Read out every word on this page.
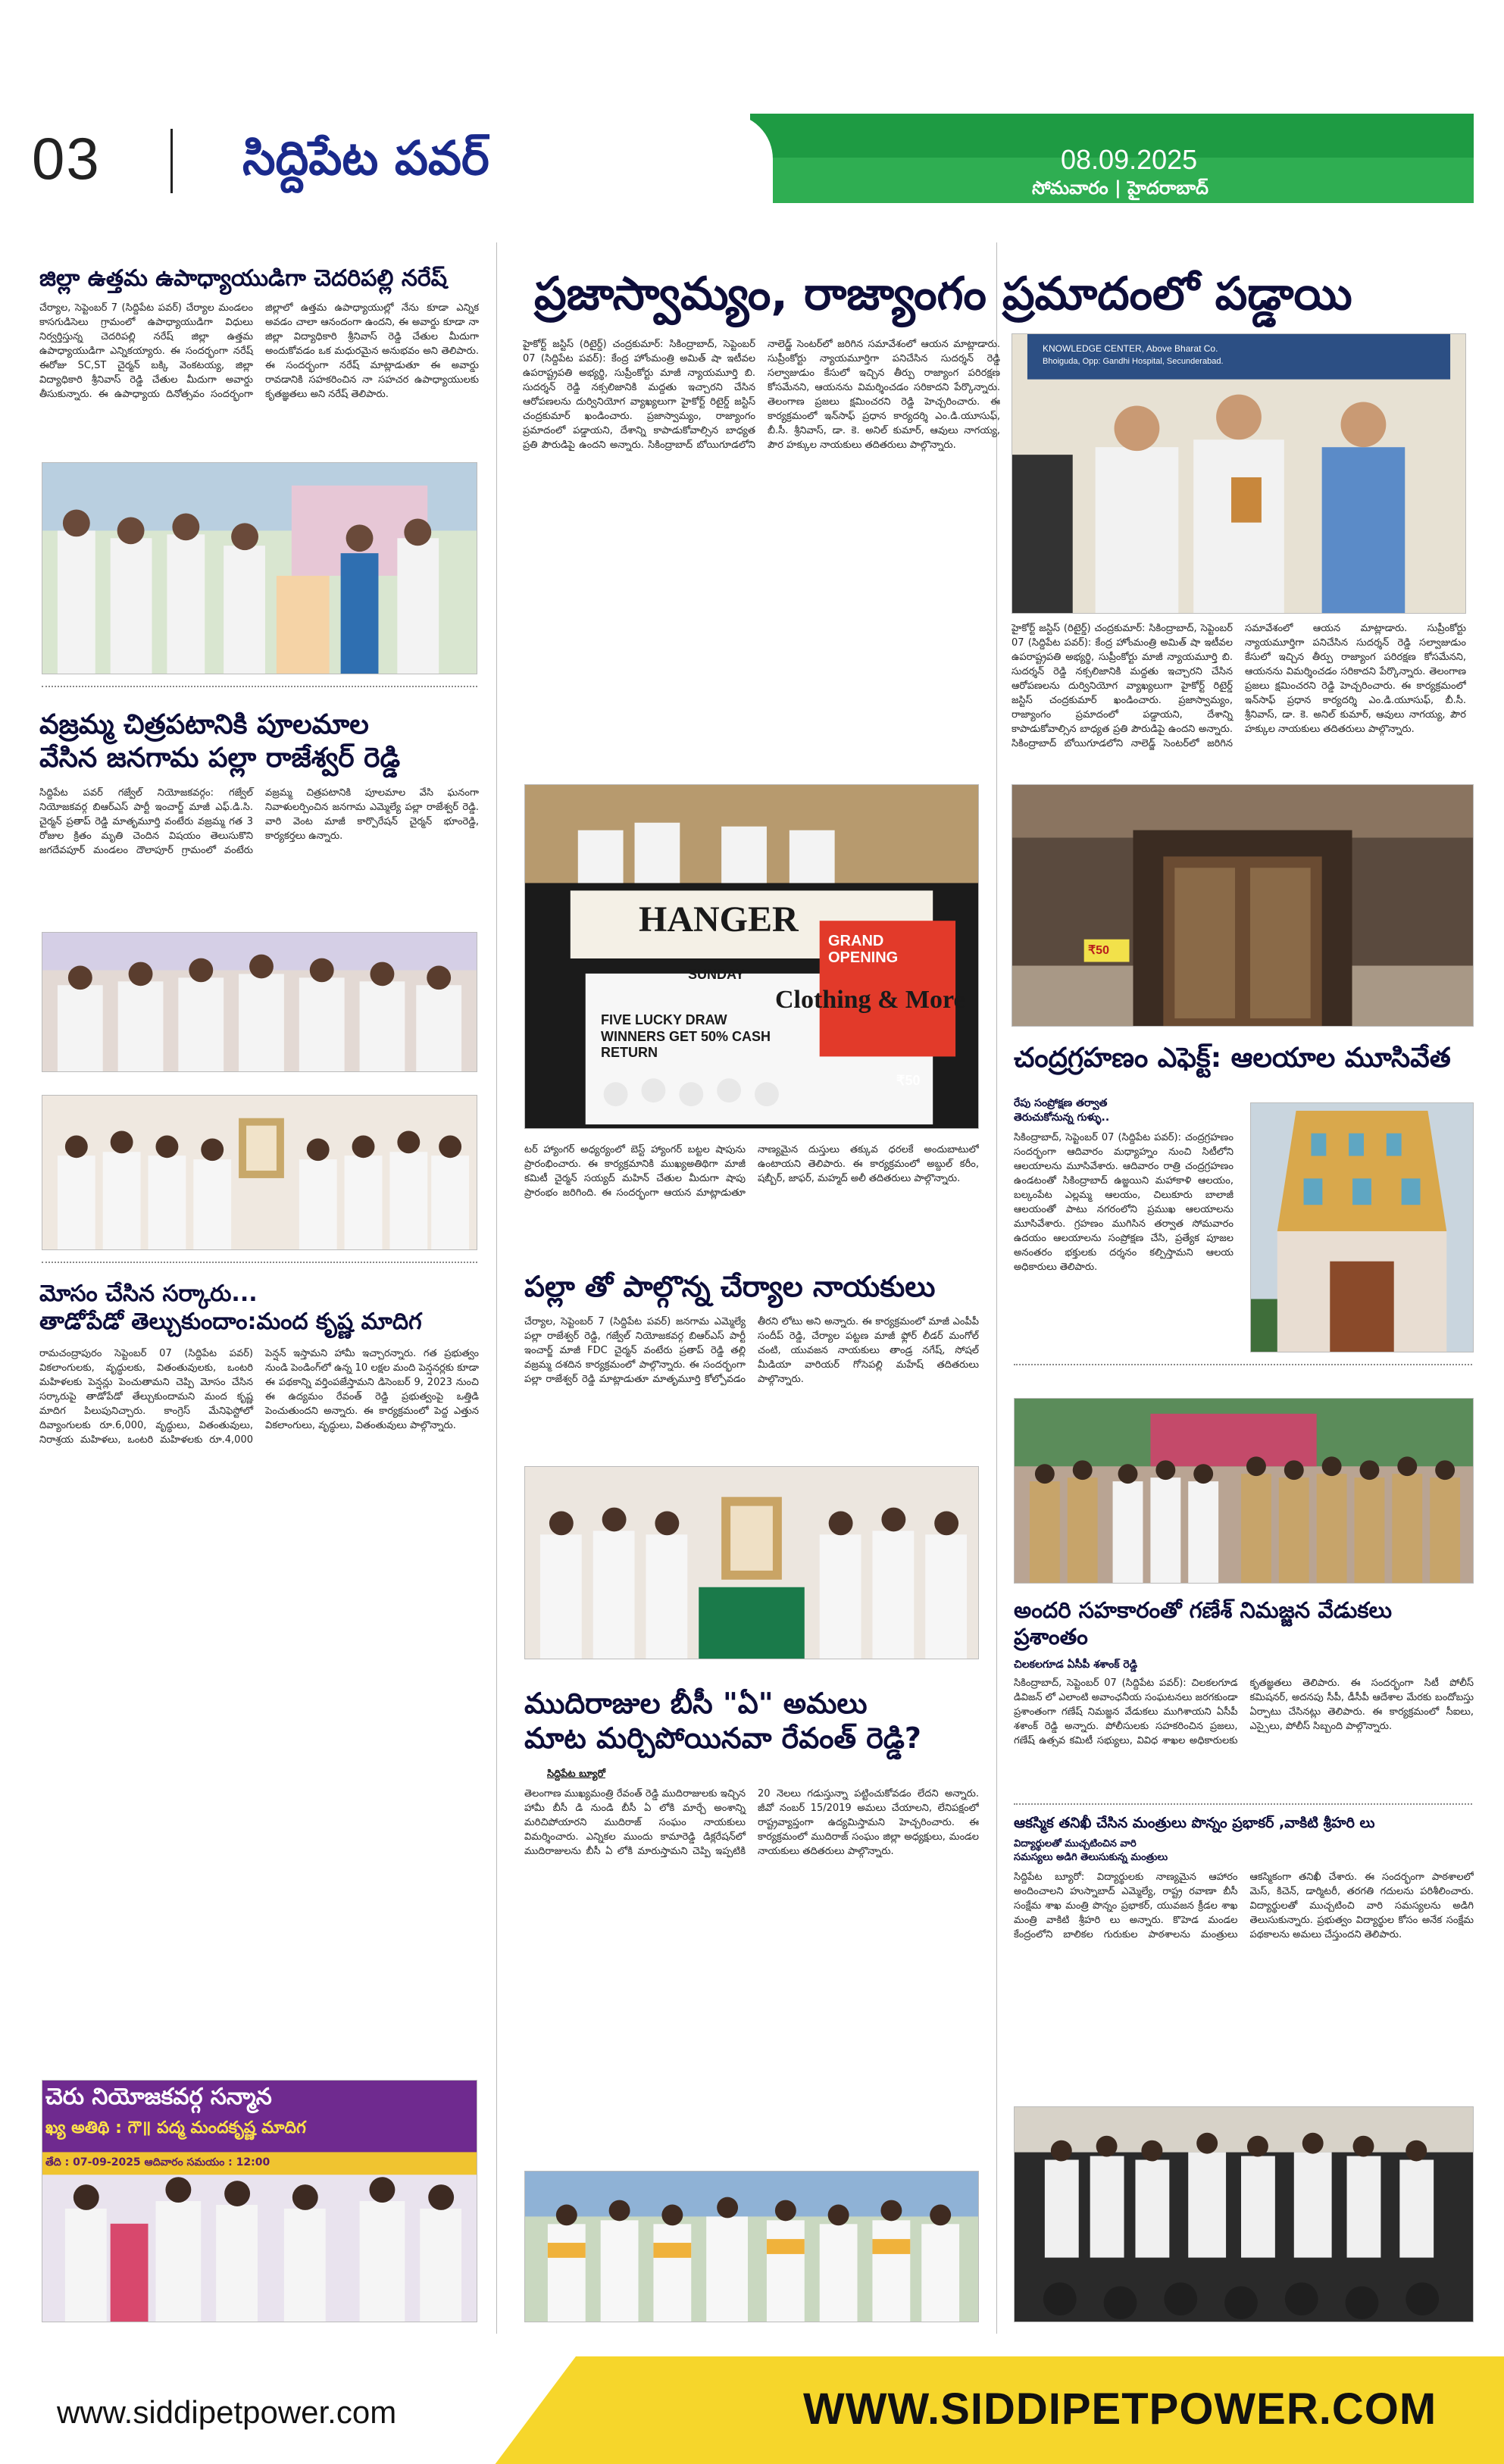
03	సిద్దిపేట పవర్	08.09.2025
సోమవారం | హైదరాబాద్
జిల్లా ఉత్తమ ఉపాధ్యాయుడిగా చెదరిపల్లి నరేష్
చేర్యాల, సెప్టెంబర్ 7 (సిద్దిపేట పవర్) చేర్యాల మండలం కాసగుడిసెలు గ్రామంలో ఉపాధ్యాయుడిగా విధులు నిర్వర్తిస్తున్న చెదరిపల్లి నరేష్ జిల్లా ఉత్తమ ఉపాధ్యాయుడిగా ఎన్నికయ్యారు. ఈ సందర్భంగా నరేష్ ఈరోజు SC,ST చైర్మన్ బక్కి వెంకటయ్య, జిల్లా విద్యాధికారి శ్రీనివాస్ రెడ్డి చేతుల మీదుగా అవార్డు తీసుకున్నారు. ఈ ఉపాధ్యాయ దినోత్సవం సందర్భంగా జిల్లాలో ఉత్తమ ఉపాధ్యాయుల్లో నేను కూడా ఎన్నిక అవడం చాలా ఆనందంగా ఉందని, ఈ అవార్డు కూడా నా జిల్లా విద్యాధికారి శ్రీనివాస్ రెడ్డి చేతుల మీదుగా అందుకోవడం ఒక మధురమైన అనుభవం అని తెలిపారు. ఈ సందర్భంగా నరేష్ మాట్లాడుతూ ఈ అవార్డు రావడానికి సహకరించిన నా సహచర ఉపాధ్యాయులకు కృతజ్ఞతలు అని నరేష్ తెలిపారు.
వజ్రమ్మ చిత్రపటానికి పూలమాల
వేసిన జనగామ పల్లా రాజేశ్వర్ రెడ్డి
సిద్దిపేట పవర్ గజ్వేల్ నియోజకవర్గం: గజ్వేల్ నియోజకవర్గ బిఆర్ఎస్ పార్టీ ఇంచార్జ్ మాజీ ఎఫ్.డి.సి. చైర్మన్ ప్రతాప్ రెడ్డి మాతృమూర్తి వంటేరు వజ్రమ్మ గత 3 రోజుల క్రితం మృతి చెందిన విషయం తెలుసుకొని జగదేవపూర్ మండలం దౌలాపూర్ గ్రామంలో వంటేరు వజ్రమ్మ చిత్రపటానికి పూలమాల వేసి ఘనంగా నివాళులర్పించిన జనగామ ఎమ్మెల్యే పల్లా రాజేశ్వర్ రెడ్డి. వారి వెంట మాజీ కార్పొరేషన్ చైర్మన్ భూంరెడ్డి, కార్యకర్తలు ఉన్నారు.
మోసం చేసిన సర్కారు...
తాడోపేడో తెల్చుకుందాం:మంద కృష్ణ మాదిగ
రామచంద్రాపురం సెప్టెంబర్ 07 (సిద్దిపేట పవర్) వికలాంగులకు, వృద్ధులకు, వితంతువులకు, ఒంటరి మహిళలకు పెన్షన్లు పెంచుతామని చెప్పి మోసం చేసిన సర్కారుపై తాడోపేడో తేల్చుకుందామని మంద కృష్ణ మాదిగ పిలుపునిచ్చారు. కాంగ్రెస్ మేనిఫెస్టోలో దివ్యాంగులకు రూ.6,000, వృద్ధులు, వితంతువులు, నిరాశ్రయ మహిళలు, ఒంటరి మహిళలకు రూ.4,000 పెన్షన్ ఇస్తామని హామీ ఇచ్చారన్నారు. గత ప్రభుత్వం నుండి పెండింగ్‌లో ఉన్న 10 లక్షల మంది పెన్షనర్లకు కూడా ఈ పథకాన్ని వర్తింపజేస్తామని డిసెంబర్ 9, 2023 నుంచి ఈ ఉద్యమం రేవంత్ రెడ్డి ప్రభుత్వంపై ఒత్తిడి పెంచుతుందని అన్నారు. ఈ కార్యక్రమంలో పెద్ద ఎత్తున వికలాంగులు, వృద్ధులు, వితంతువులు పాల్గొన్నారు.
చెరు నియోజకవర్గ సన్మాన
ఖ్య అతిథి : గౌ॥ పద్మ మందకృష్ణ మాదిగ
తేది : 07-09-2025 ఆదివారం సమయం : 12:00
ప్రజాస్వామ్యం, రాజ్యాంగం ప్రమాదంలో పడ్డాయి
హైకోర్ట్ జస్టిస్ (రిటైర్డ్) చంద్రకుమార్: సికింద్రాబాద్, సెప్టెంబర్ 07 (సిద్దిపేట పవర్): కేంద్ర హోంమంత్రి అమిత్ షా ఇటీవల ఉపరాష్ట్రపతి అభ్యర్థి, సుప్రీంకోర్టు మాజీ న్యాయమూర్తి బి. సుదర్శన్ రెడ్డి నక్సలిజానికి మద్దతు ఇచ్చారని చేసిన ఆరోపణలను దుర్వినియోగ వ్యాఖ్యలుగా హైకోర్ట్ రిటైర్డ్ జస్టిస్ చంద్రకుమార్ ఖండించారు. ప్రజాస్వామ్యం, రాజ్యాంగం ప్రమాదంలో పడ్డాయని, దేశాన్ని కాపాడుకోవాల్సిన బాధ్యత ప్రతి పౌరుడిపై ఉందని అన్నారు. సికింద్రాబాద్ బోయిగూడలోని నాలెడ్జ్ సెంటర్‌లో జరిగిన సమావేశంలో ఆయన మాట్లాడారు. సుప్రీంకోర్టు న్యాయమూర్తిగా పనిచేసిన సుదర్శన్ రెడ్డి సల్వాజుడుం కేసులో ఇచ్చిన తీర్పు రాజ్యాంగ పరిరక్షణ కోసమేనని, ఆయనను విమర్శించడం సరికాదని పేర్కొన్నారు. తెలంగాణ ప్రజలు క్షమించరని రెడ్డి హెచ్చరించారు. ఈ కార్యక్రమంలో ఇన్‌సాఫ్ ప్రధాన కార్యదర్శి ఎం.డి.యూసుఫ్, బీ.సీ. శ్రీనివాస్, డా. కె. అనిల్ కుమార్, ఆవులు నాగయ్య, పౌర హక్కుల నాయకులు తదితరులు పాల్గొన్నారు.
KNOWLEDGE CENTER, Above Bharat Co.
Bhoiguda, Opp: Gandhi Hospital, Secunderabad.
హైకోర్ట్ జస్టిస్ (రిటైర్డ్) చంద్రకుమార్: సికింద్రాబాద్, సెప్టెంబర్ 07 (సిద్దిపేట పవర్): కేంద్ర హోంమంత్రి అమిత్ షా ఇటీవల ఉపరాష్ట్రపతి అభ్యర్థి, సుప్రీంకోర్టు మాజీ న్యాయమూర్తి బి. సుదర్శన్ రెడ్డి నక్సలిజానికి మద్దతు ఇచ్చారని చేసిన ఆరోపణలను దుర్వినియోగ వ్యాఖ్యలుగా హైకోర్ట్ రిటైర్డ్ జస్టిస్ చంద్రకుమార్ ఖండించారు. ప్రజాస్వామ్యం, రాజ్యాంగం ప్రమాదంలో పడ్డాయని, దేశాన్ని కాపాడుకోవాల్సిన బాధ్యత ప్రతి పౌరుడిపై ఉందని అన్నారు. సికింద్రాబాద్ బోయిగూడలోని నాలెడ్జ్ సెంటర్‌లో జరిగిన సమావేశంలో ఆయన మాట్లాడారు. సుప్రీంకోర్టు న్యాయమూర్తిగా పనిచేసిన సుదర్శన్ రెడ్డి సల్వాజుడుం కేసులో ఇచ్చిన తీర్పు రాజ్యాంగ పరిరక్షణ కోసమేనని, ఆయనను విమర్శించడం సరికాదని పేర్కొన్నారు. తెలంగాణ ప్రజలు క్షమించరని రెడ్డి హెచ్చరించారు. ఈ కార్యక్రమంలో ఇన్‌సాఫ్ ప్రధాన కార్యదర్శి ఎం.డి.యూసుఫ్, బీ.సీ. శ్రీనివాస్, డా. కె. అనిల్ కుమార్, ఆవులు నాగయ్య, పౌర హక్కుల నాయకులు తదితరులు పాల్గొన్నారు.
HANGER
Clothing & More
GRAND OPENING
SUNDAY
FIVE LUCKY DRAW WINNERS GET 50% CASH RETURN
₹50
టర్ హ్యాంగర్ అధ్యర్యంలో బెస్ట్ హ్యాంగర్ బట్టల షాపును ప్రారంభించారు. ఈ కార్యక్రమానికి ముఖ్యఅతిథిగా మాజీ కమిటీ చైర్మన్ సయ్యద్ మహిన్ చేతుల మీదుగా షాపు ప్రారంభం జరిగింది. ఈ సందర్భంగా ఆయన మాట్లాడుతూ నాణ్యమైన దుస్తులు తక్కువ ధరలకే అందుబాటులో ఉంటాయని తెలిపారు. ఈ కార్యక్రమంలో అబ్దుల్ కరీం, షబ్బీర్, జాఫర్, మహ్మద్ అలీ తదితరులు పాల్గొన్నారు.
పల్లా తో పాల్గొన్న చేర్యాల నాయకులు
చేర్యాల, సెప్టెంబర్ 7 (సిద్దిపేట పవర్) జనగామ ఎమ్మెల్యే పల్లా రాజేశ్వర్ రెడ్డి, గజ్వేల్ నియోజకవర్గ బిఆర్ఎస్ పార్టీ ఇంచార్జ్ మాజీ FDC చైర్మన్ వంటేరు ప్రతాప్ రెడ్డి తల్లి వజ్రమ్మ దశదిన కార్యక్రమంలో పాల్గొన్నారు. ఈ సందర్భంగా పల్లా రాజేశ్వర్ రెడ్డి మాట్లాడుతూ మాతృమూర్తి కోల్పోవడం తీరని లోటు అని అన్నారు. ఈ కార్యక్రమంలో మాజీ ఎంపీపీ సందీప్ రెడ్డి, చేర్యాల పట్టణ మాజీ ఫ్లోర్ లీడర్ మంగోల్ చంటి, యువజన నాయకులు తాండ్ర నగేష్, సోషల్ మీడియా వారియర్ గోసెపల్లి మహేష్ తదితరులు పాల్గొన్నారు.
ముదిరాజుల బీసీ "ఏ" అమలు
మాట మర్చిపోయినవా రేవంత్ రెడ్డి?
సిద్దిపేట బ్యూరో
తెలంగాణ ముఖ్యమంత్రి రేవంత్ రెడ్డి ముదిరాజులకు ఇచ్చిన హామీ బీసీ డి నుండి బీసీ ఏ లోకి మార్చే అంశాన్ని మరిచిపోయారని ముదిరాజ్ సంఘం నాయకులు విమర్శించారు. ఎన్నికల ముందు కామారెడ్డి డిక్లరేషన్‌లో ముదిరాజులను బీసీ ఏ లోకి మారుస్తామని చెప్పి ఇప్పటికి 20 నెలలు గడుస్తున్నా పట్టించుకోవడం లేదని అన్నారు. జీవో నంబర్ 15/2019 అమలు చేయాలని, లేనిపక్షంలో రాష్ట్రవ్యాప్తంగా ఉద్యమిస్తామని హెచ్చరించారు. ఈ కార్యక్రమంలో ముదిరాజ్ సంఘం జిల్లా అధ్యక్షులు, మండల నాయకులు తదితరులు పాల్గొన్నారు.
₹50
చంద్రగ్రహణం ఎఫెక్ట్: ఆలయాల మూసివేత
రేపు సంప్రోక్షణ తర్వాత
తెరుచుకోనున్న గుళ్ళు..
సికింద్రాబాద్, సెప్టెంబర్ 07 (సిద్దిపేట పవర్): చంద్రగ్రహణం సందర్భంగా ఆదివారం మధ్యాహ్నం నుంచి సిటీలోని ఆలయాలను మూసివేశారు. ఆదివారం రాత్రి చంద్రగ్రహణం ఉండటంతో సికింద్రాబాద్ ఉజ్జయిని మహాకాళి ఆలయం, బల్కంపేట ఎల్లమ్మ ఆలయం, చిలుకూరు బాలాజీ ఆలయంతో పాటు నగరంలోని ప్రముఖ ఆలయాలను మూసివేశారు. గ్రహణం ముగిసిన తర్వాత సోమవారం ఉదయం ఆలయాలను సంప్రోక్షణ చేసి, ప్రత్యేక పూజల అనంతరం భక్తులకు దర్శనం కల్పిస్తామని ఆలయ అధికారులు తెలిపారు.
అందరి సహకారంతో గణేశ్ నిమజ్జన వేడుకలు ప్రశాంతం
చిలకలగూడ ఏసీపీ శశాంక్ రెడ్డి
సికింద్రాబాద్, సెప్టెంబర్ 07 (సిద్దిపేట పవర్): చిలకలగూడ డివిజన్ లో ఎలాంటి అవాంఛనీయ సంఘటనలు జరగకుండా ప్రశాంతంగా గణేష్ నిమజ్జన వేడుకలు ముగిశాయని ఏసీపీ శశాంక్ రెడ్డి అన్నారు. పోలీసులకు సహకరించిన ప్రజలు, గణేష్ ఉత్సవ కమిటీ సభ్యులు, వివిధ శాఖల అధికారులకు కృతజ్ఞతలు తెలిపారు. ఈ సందర్భంగా సిటీ పోలీస్ కమిషనర్, అదనపు సీపీ, డీసీపీ ఆదేశాల మేరకు బందోబస్తు ఏర్పాటు చేసినట్లు తెలిపారు. ఈ కార్యక్రమంలో సీఐలు, ఎస్సైలు, పోలీస్ సిబ్బంది పాల్గొన్నారు.
ఆకస్మిక తనిఖీ చేసిన మంత్రులు పొన్నం ప్రభాకర్ ,వాకిటి శ్రీహరి లు
విద్యార్థులతో ముచ్చటించిన వారి
సమస్యలు అడిగి తెలుసుకున్న మంత్రులు
సిద్దిపేట బ్యూరో: విద్యార్థులకు నాణ్యమైన ఆహారం అందించాలని హుస్నాబాద్ ఎమ్మెల్యే, రాష్ట్ర రవాణా బీసీ సంక్షేమ శాఖ మంత్రి పొన్నం ప్రభాకర్, యువజన క్రీడల శాఖ మంత్రి వాకిటి శ్రీహరి లు అన్నారు. కొహెడ మండల కేంద్రంలోని బాలికల గురుకుల పాఠశాలను మంత్రులు ఆకస్మికంగా తనిఖీ చేశారు. ఈ సందర్భంగా పాఠశాలలో మెస్, కిచెన్, డార్మిటరీ, తరగతి గదులను పరిశీలించారు. విద్యార్థులతో ముచ్చటించి వారి సమస్యలను అడిగి తెలుసుకున్నారు. ప్రభుత్వం విద్యార్థుల కోసం అనేక సంక్షేమ పథకాలను అమలు చేస్తుందని తెలిపారు.
www.siddipetpower.com	WWW.SIDDIPETPOWER.COM
